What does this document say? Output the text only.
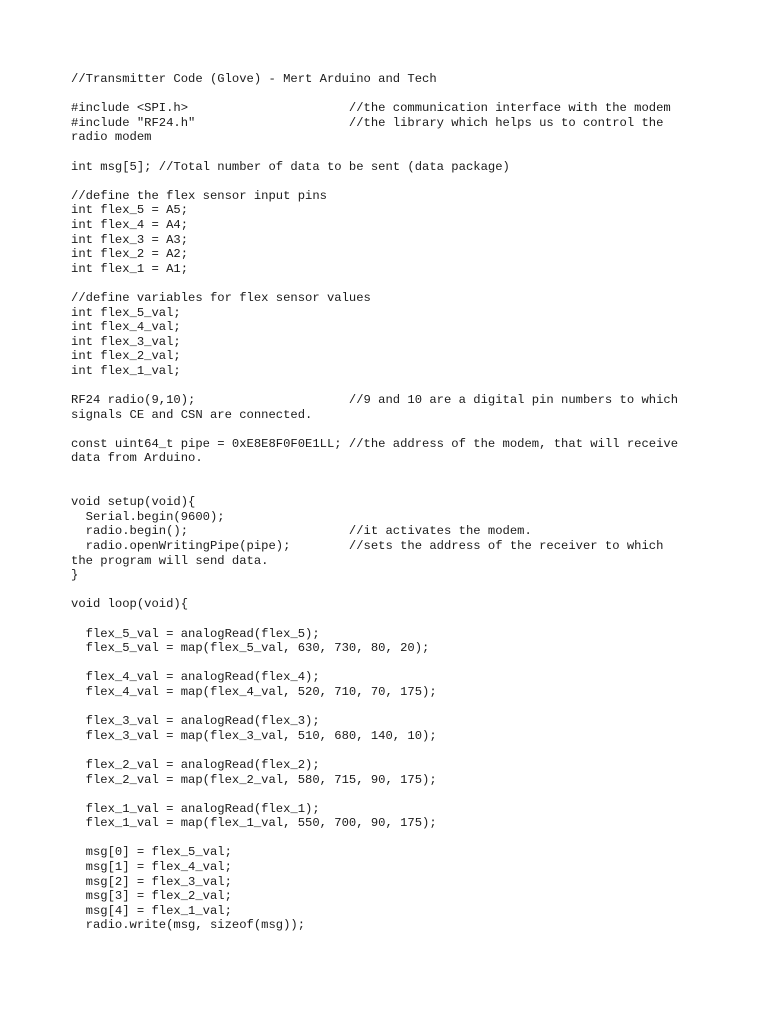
//Transmitter Code (Glove) - Mert Arduino and Tech
#include <SPI.h>                      //the communication interface with the modem
#include "RF24.h"                     //the library which helps us to control the
radio modem
int msg[5]; //Total number of data to be sent (data package)
//define the flex sensor input pins
int flex_5 = A5;
int flex_4 = A4;
int flex_3 = A3;
int flex_2 = A2;
int flex_1 = A1;
//define variables for flex sensor values
int flex_5_val;
int flex_4_val;
int flex_3_val;
int flex_2_val;
int flex_1_val;
RF24 radio(9,10);                     //9 and 10 are a digital pin numbers to which
signals CE and CSN are connected.
const uint64_t pipe = 0xE8E8F0F0E1LL; //the address of the modem, that will receive
data from Arduino.
void setup(void){
Serial.begin(9600);
radio.begin();                      //it activates the modem.
radio.openWritingPipe(pipe);        //sets the address of the receiver to which
the program will send data.
}
void loop(void){
flex_5_val = analogRead(flex_5);
flex_5_val = map(flex_5_val, 630, 730, 80, 20);
flex_4_val = analogRead(flex_4);
flex_4_val = map(flex_4_val, 520, 710, 70, 175);
flex_3_val = analogRead(flex_3);
flex_3_val = map(flex_3_val, 510, 680, 140, 10);
flex_2_val = analogRead(flex_2);
flex_2_val = map(flex_2_val, 580, 715, 90, 175);
flex_1_val = analogRead(flex_1);
flex_1_val = map(flex_1_val, 550, 700, 90, 175);
msg[0] = flex_5_val;
msg[1] = flex_4_val;
msg[2] = flex_3_val;
msg[3] = flex_2_val;
msg[4] = flex_1_val;
radio.write(msg, sizeof(msg));
